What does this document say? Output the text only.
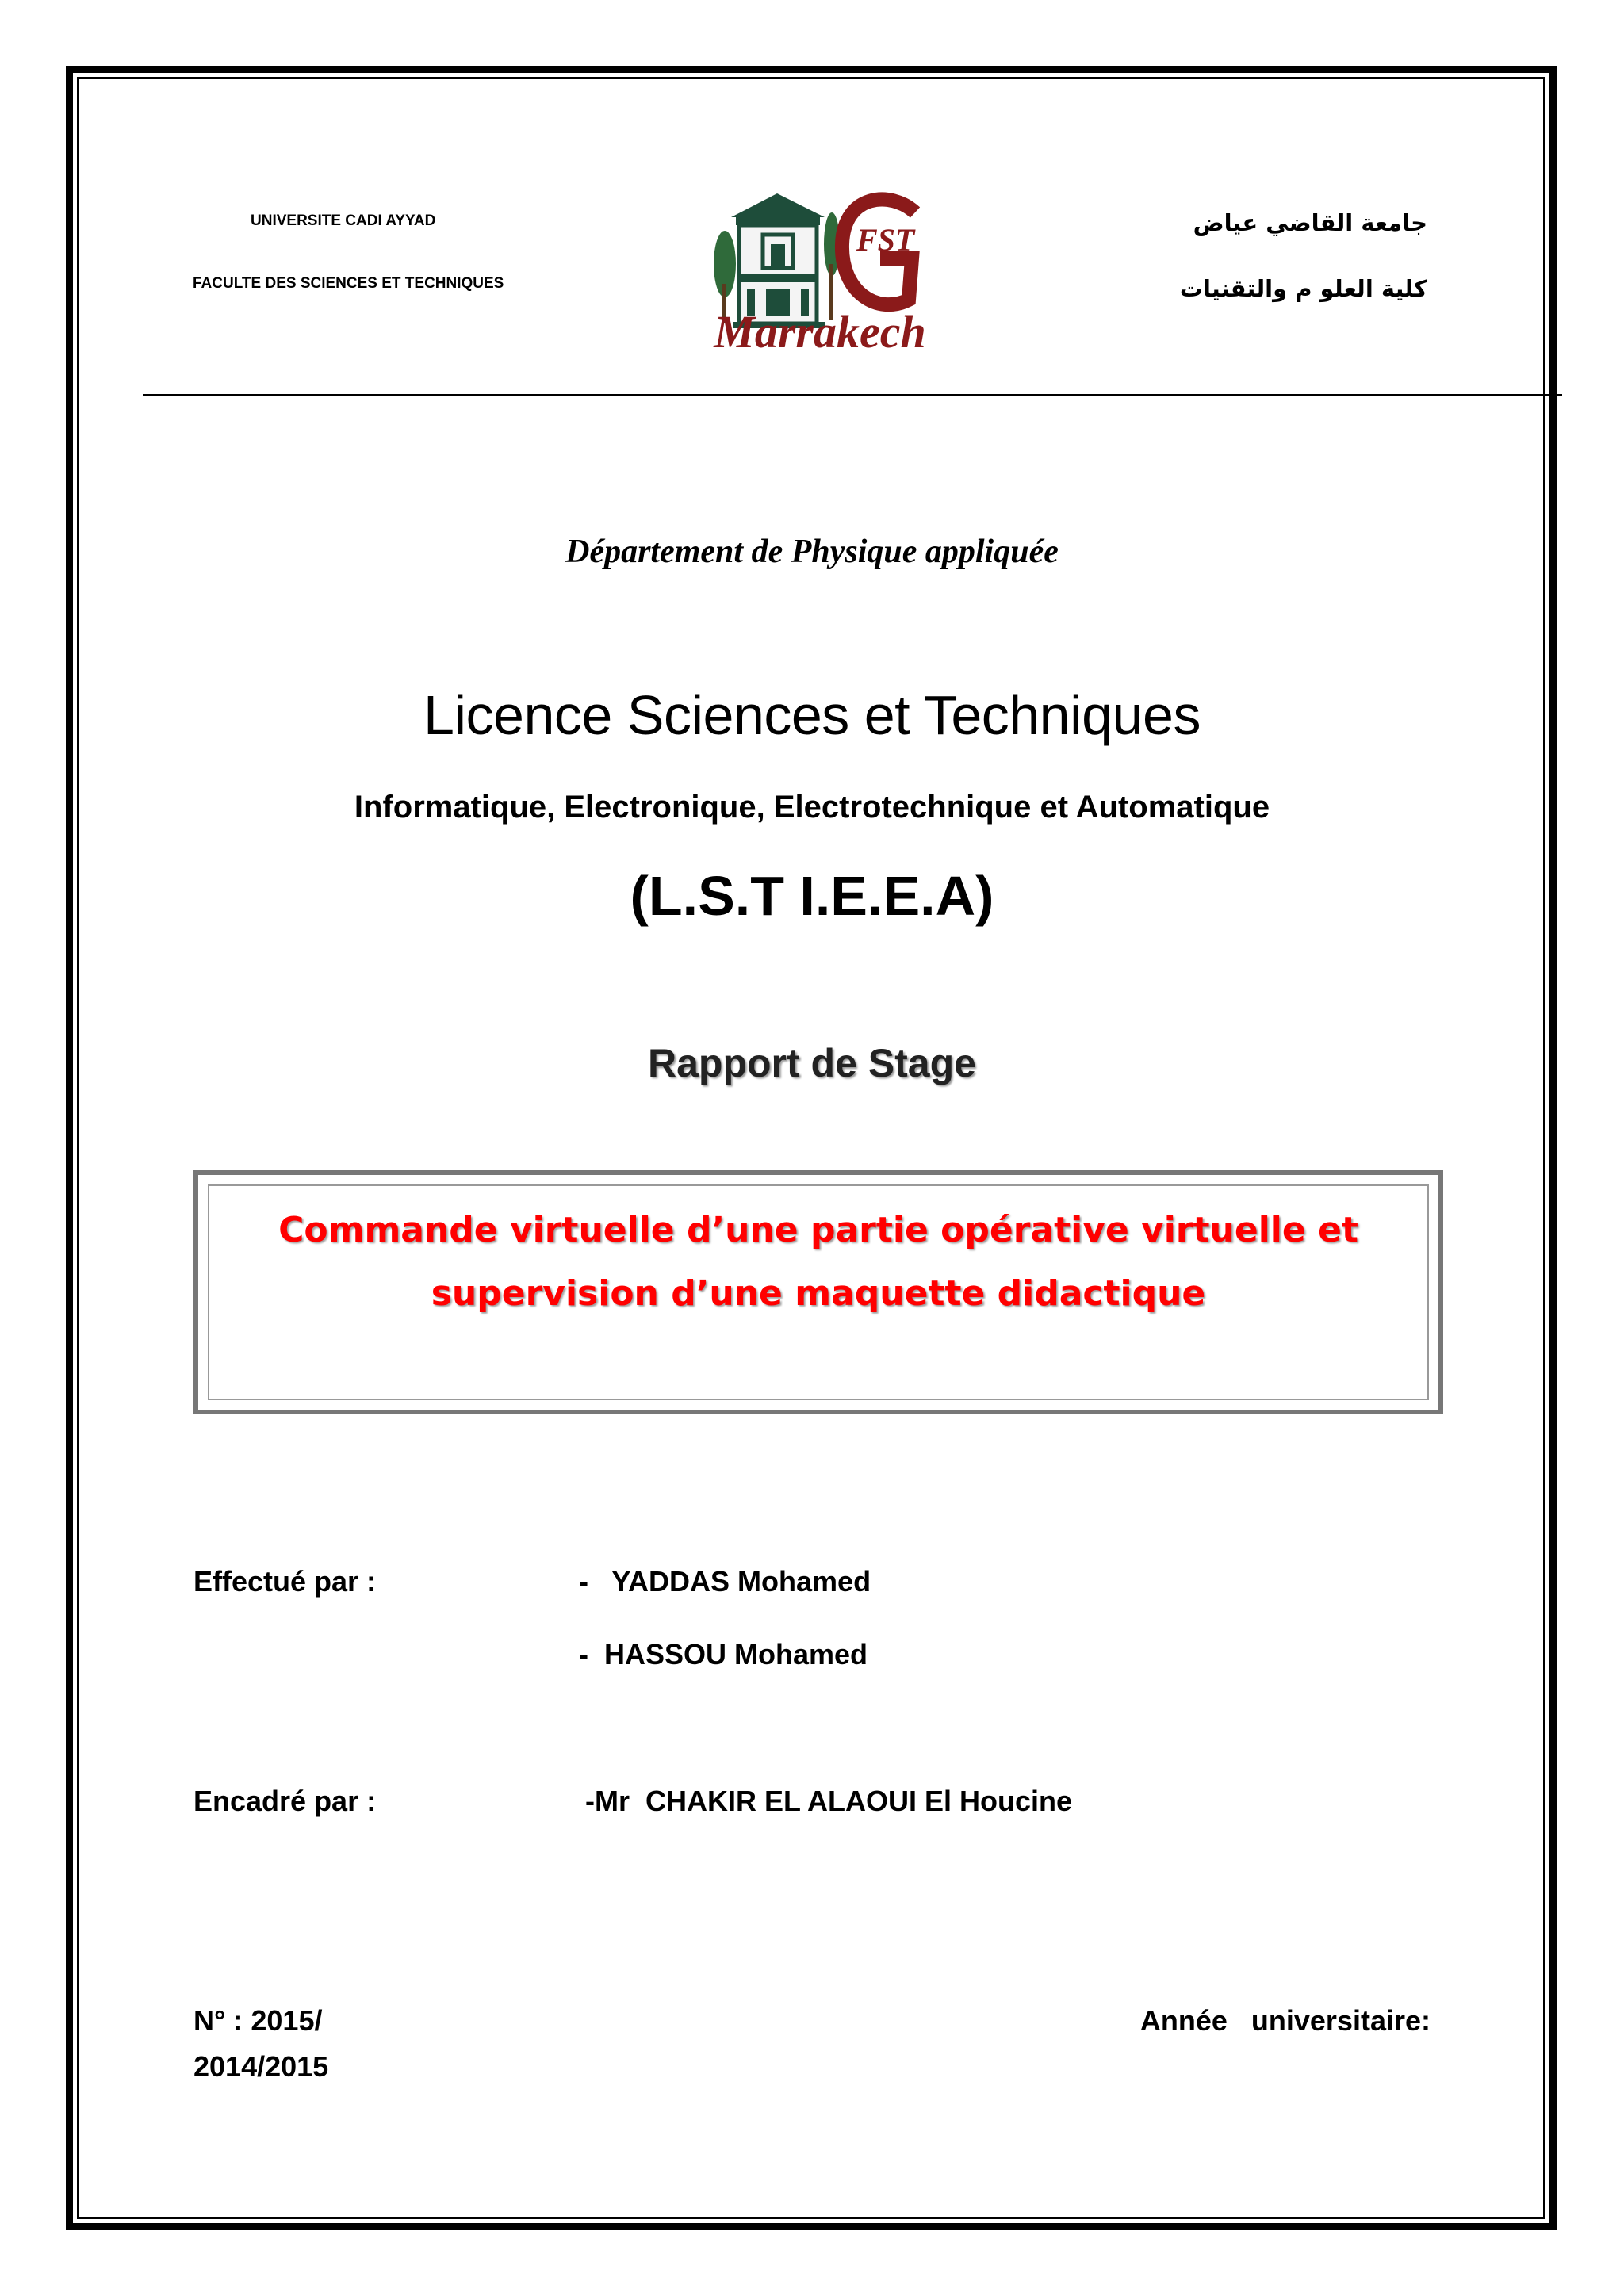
UNIVERSITE CADI AYYAD
FACULTE DES SCIENCES ET TECHNIQUES
جامعة القاضي عياض
كلية العلو م والتقنيات
FST
Marrakech
Département de Physique appliquée
Licence Sciences et Techniques
Informatique, Electronique, Electrotechnique et Automatique
(L.S.T I.E.E.A)
Rapport de Stage
Commande virtuelle d’une partie opérative virtuelle et
supervision d’une maquette didactique
Effectué par :	-   YADDAS Mohamed
-  HASSOU Mohamed
Encadré par :	-Mr  CHAKIR EL ALAOUI El Houcine
N° : 2015/
2014/2015
Année   universitaire:
